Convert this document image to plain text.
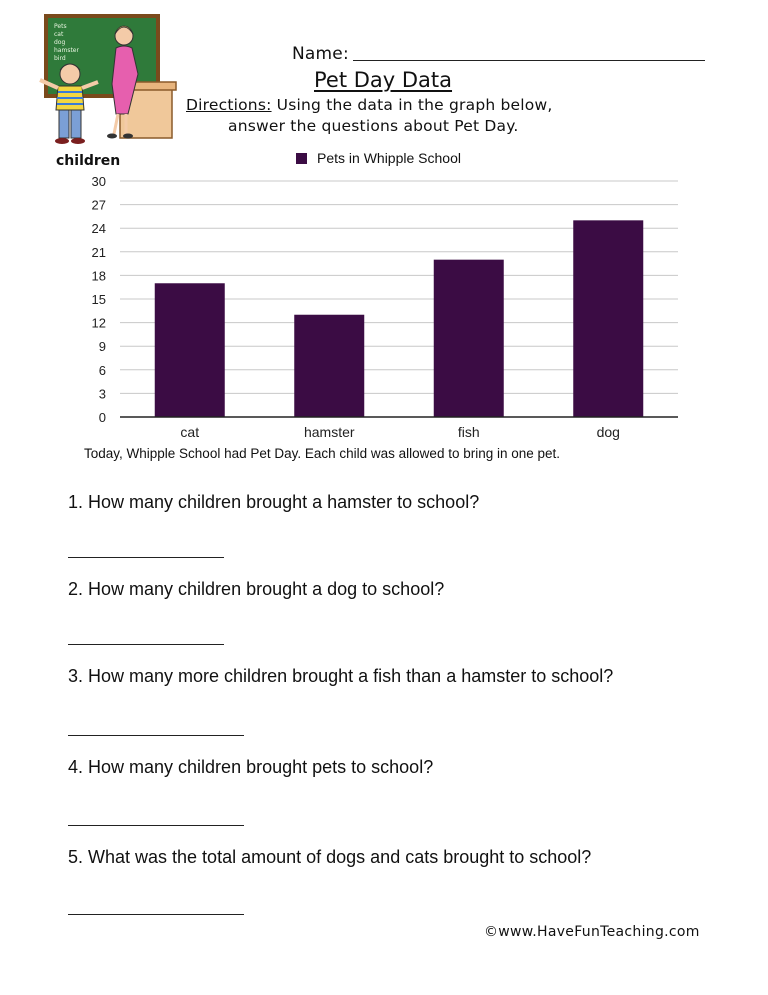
Pets
cat
dog
hamster
bird	Name:
Pet Day Data
Directions: Using the data in the graph below,
answer the questions about Pet Day.
children	Pets in Whipple School
0
3
6
9
12
15
18
21
24
27
30
cat	hamster	fish	dog
Today, Whipple School had Pet Day. Each child was allowed to bring in one pet.
1. How many children brought a hamster to school?
2. How many children brought a dog to school?
3. How many more children brought a fish than a hamster to school?
4. How many children brought pets to school?
5. What was the total amount of dogs and cats brought to school?
©www.HaveFunTeaching.com
